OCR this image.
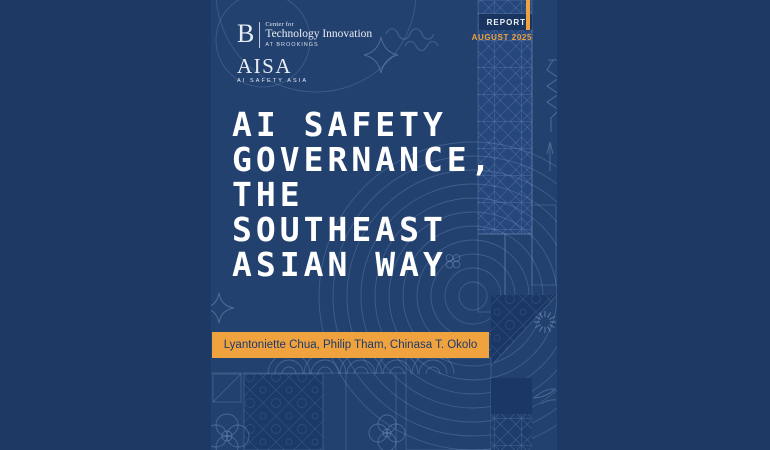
B Center for
Technology Innovation
AT BROOKINGS
AISA
AI SAFETY ASIA
REPORT
AUGUST 2025
AI SAFETY
GOVERNANCE,
THE
SOUTHEAST
ASIAN WAY
Lyantoniette Chua, Philip Tham, Chinasa T. Okolo
